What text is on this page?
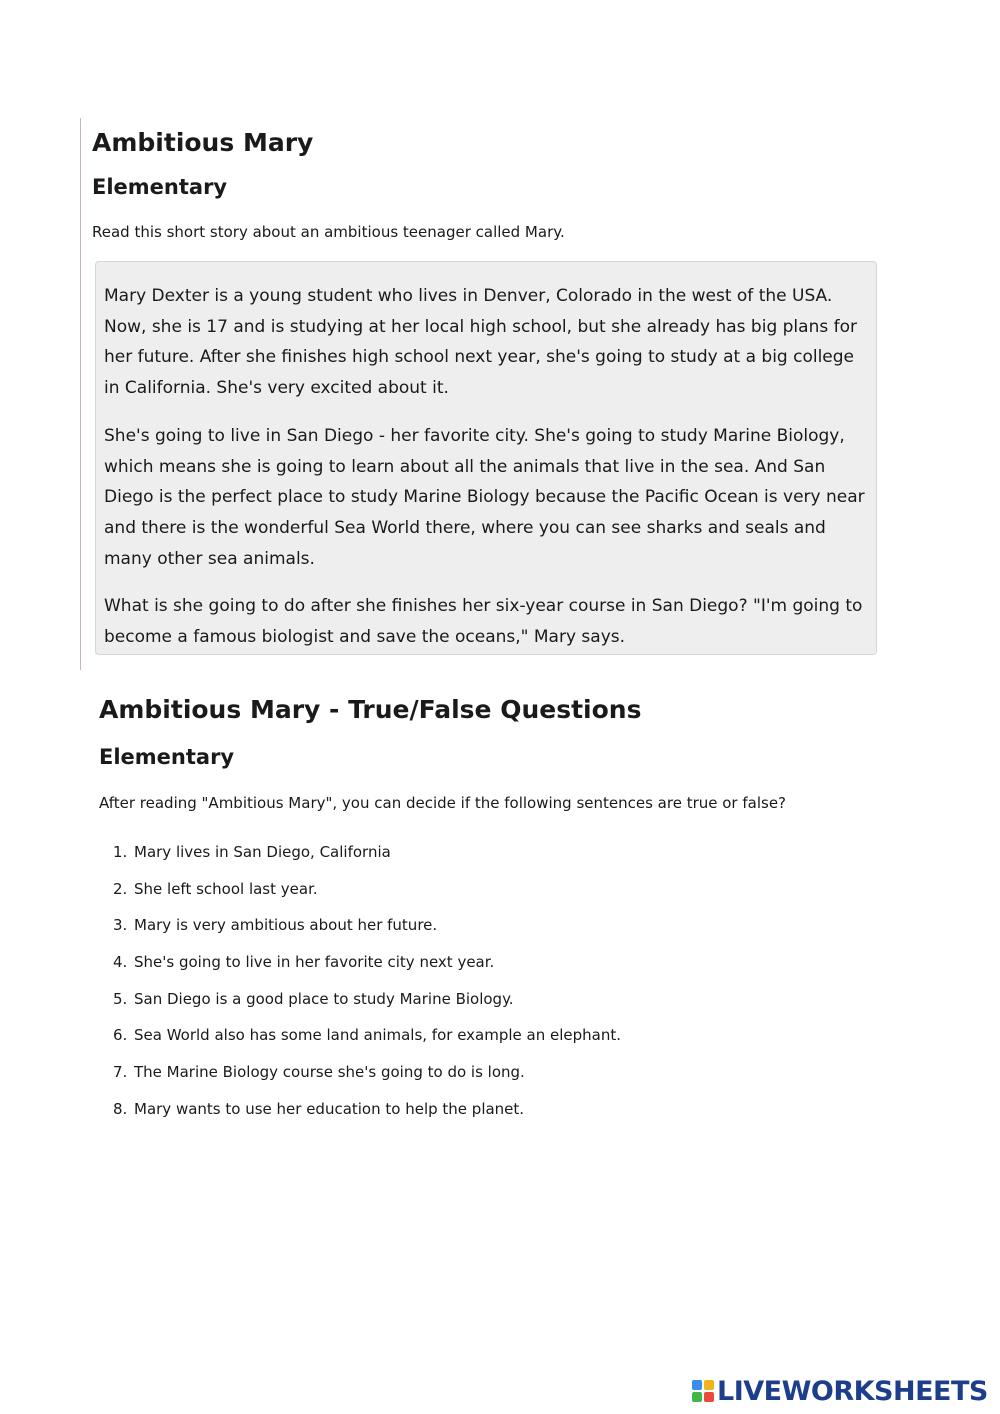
Ambitious Mary
Elementary

Read this short story about an ambitious teenager called Mary.

Mary Dexter is a young student who lives in Denver, Colorado in the west of the USA. Now, she is 17 and is studying at her local high school, but she already has big plans for her future. After she finishes high school next year, she's going to study at a big college in California. She's very excited about it.

She's going to live in San Diego - her favorite city. She's going to study Marine Biology, which means she is going to learn about all the animals that live in the sea. And San Diego is the perfect place to study Marine Biology because the Pacific Ocean is very near and there is the wonderful Sea World there, where you can see sharks and seals and many other sea animals.

What is she going to do after she finishes her six-year course in San Diego? "I'm going to become a famous biologist and save the oceans," Mary says.

Ambitious Mary - True/False Questions
Elementary

After reading "Ambitious Mary", you can decide if the following sentences are true or false?

1. Mary lives in San Diego, California
2. She left school last year.
3. Mary is very ambitious about her future.
4. She's going to live in her favorite city next year.
5. San Diego is a good place to study Marine Biology.
6. Sea World also has some land animals, for example an elephant.
7. The Marine Biology course she's going to do is long.
8. Mary wants to use her education to help the planet.
LIVEWORKSHEETS
